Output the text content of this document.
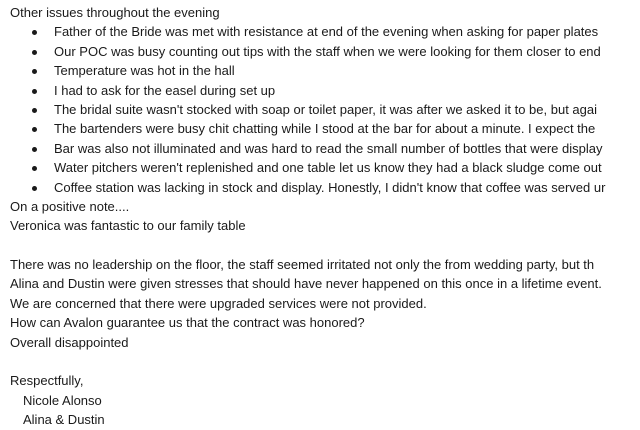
Other issues throughout the evening
Father of the Bride was met with resistance at end of the evening when asking for paper plates
Our POC was busy counting out tips with the staff when we were looking for them closer to end
Temperature was hot in the hall
I had to ask for the easel during set up
The bridal suite wasn't stocked with soap or toilet paper, it was after we asked it to be, but agai
The bartenders were busy chit chatting while I stood at the bar for about a minute. I expect the
Bar was also not illuminated and was hard to read the small number of bottles that were display
Water pitchers weren't replenished and one table let us know they had a black sludge come out
Coffee station was lacking in stock and display. Honestly, I didn't know that coffee was served ur
On a positive note....
Veronica was fantastic to our family table
There was no leadership on the floor, the staff seemed irritated not only the from wedding party, but th
Alina and Dustin were given stresses that should have never happened on this once in a lifetime event.
We are concerned that there were upgraded services were not provided.
How can Avalon guarantee us that the contract was honored?
Overall disappointed
Respectfully,
Nicole Alonso
Alina & Dustin
